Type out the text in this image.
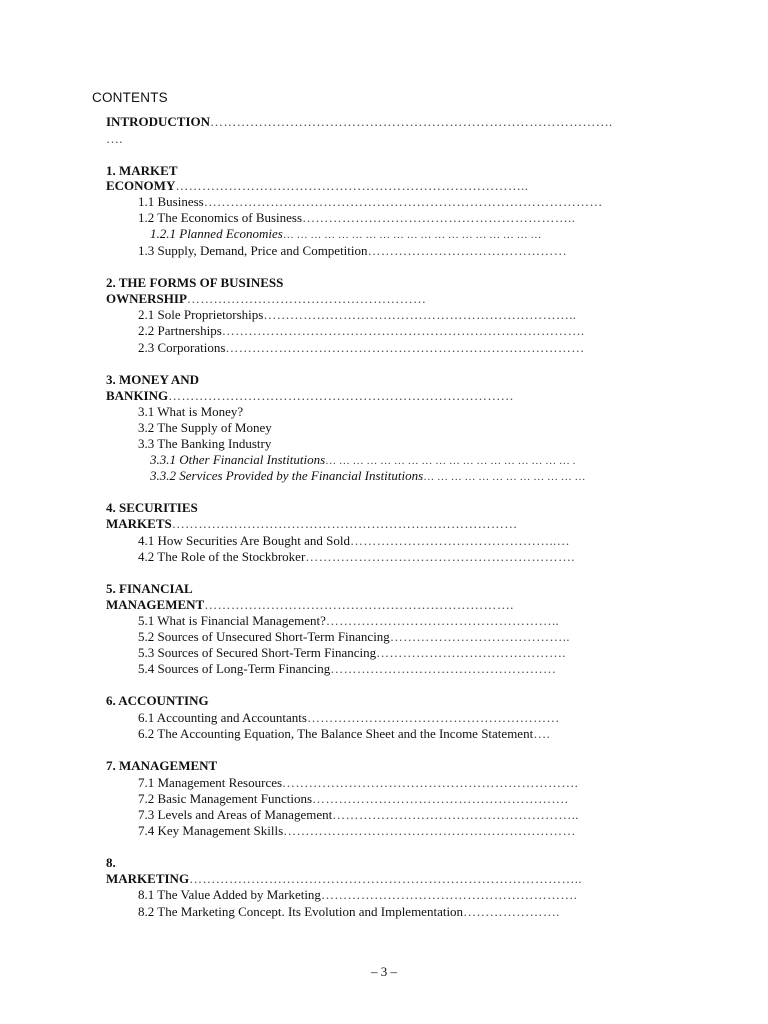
CONTENTS
INTRODUCTION……………………………………………………………………………….
….
1. MARKET
ECONOMY……………………………………………………………………..
1.1 Business………………………………………………………………………………
1.2 The Economics of Business……………………………………………………..
1.2.1 Planned Economies… … … … … … … … … … … … … … … … … … …
1.3 Supply, Demand, Price and Competition………………………………………
2. THE FORMS OF BUSINESS
OWNERSHIP………………………………………………
2.1 Sole Proprietorships……………………………………………………………..
2.2 Partnerships……………………………………………………………………….
2.3 Corporations………………………………………………………………………
3. MONEY AND
BANKING……………………………………………………………………
3.1 What is Money?
3.2 The Supply of Money
3.3 The Banking Industry
3.3.1 Other Financial Institutions… … … … … … … … … … … … … … … … … … .
3.3.2 Services Provided by the Financial Institutions… … … … … … … … … … … …
4. SECURITIES
MARKETS……………………………………………………………………
4.1 How Securities Are Bought and Sold………………………………………..…
4.2 The Role of the Stockbroker…………………………………………………….
5. FINANCIAL
MANAGEMENT…………………………………………………………….
5.1 What is Financial Management?……………………………………………..
5.2 Sources of Unsecured Short-Term Financing…………………………………..
5.3 Sources of Secured Short-Term Financing…………………………………….
5.4 Sources of Long-Term Financing……………………………………………
6. ACCOUNTING
6.1 Accounting and Accountants…………………………………………………
6.2 The Accounting Equation, The Balance Sheet and the Income Statement….
7. MANAGEMENT
7.1 Management Resources………………………………………………………….
7.2 Basic Management Functions………………………………………………….
7.3 Levels and Areas of Management………………………………………………..
7.4 Key Management Skills…………………………………………………………
8.
MARKETING……………………………………………………………………………..
8.1 The Value Added by Marketing………………………………………………….
8.2 The Marketing Concept. Its Evolution and Implementation………………….
– 3 –
